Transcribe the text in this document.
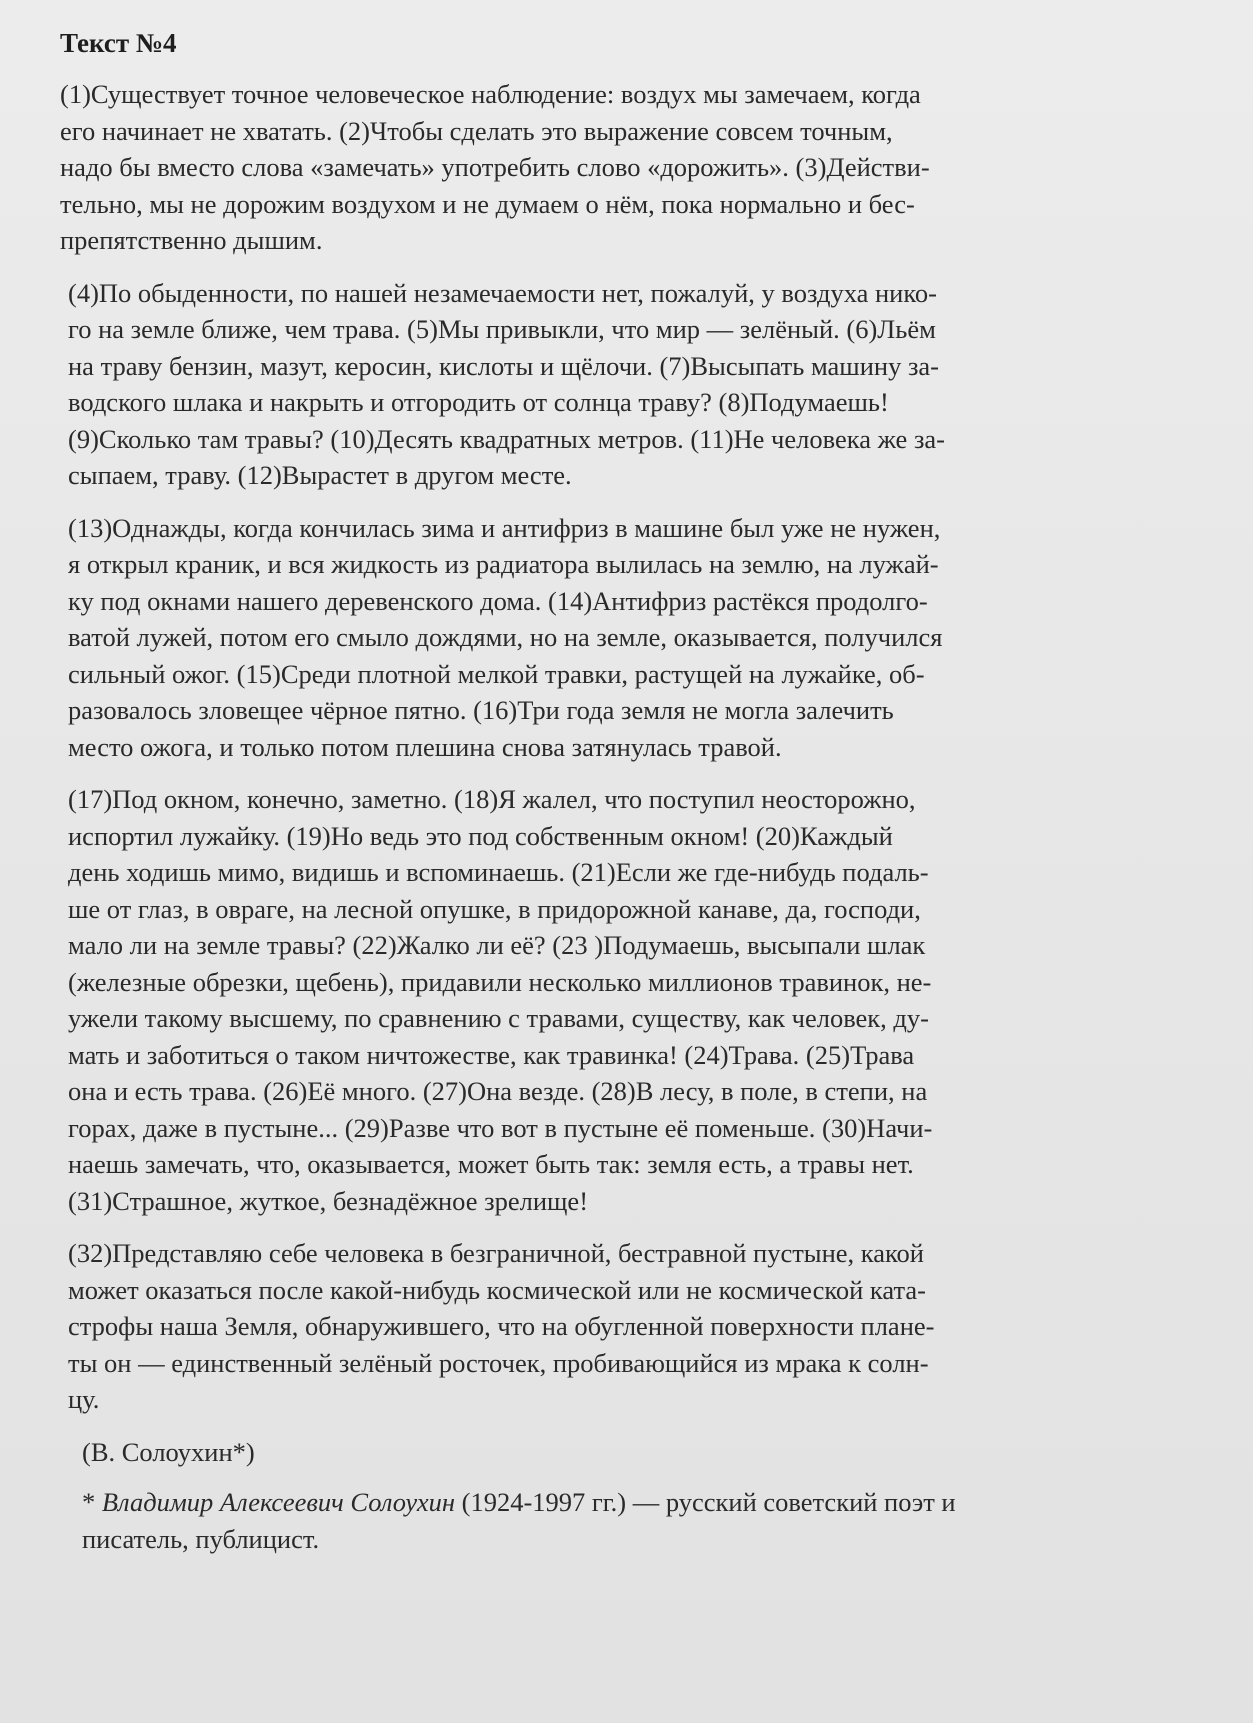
Текст №4
(1)Существует точное человеческое наблюдение: воздух мы замечаем, когда
его начинает не хватать. (2)Чтобы сделать это выражение совсем точным,
надо бы вместо слова «замечать» употребить слово «дорожить». (3)Действи-
тельно, мы не дорожим воздухом и не думаем о нём, пока нормально и бес-
препятственно дышим.
(4)По обыденности, по нашей незамечаемости нет, пожалуй, у воздуха нико-
го на земле ближе, чем трава. (5)Мы привыкли, что мир — зелёный. (6)Льём
на траву бензин, мазут, керосин, кислоты и щёлочи. (7)Высыпать машину за-
водского шлака и накрыть и отгородить от солнца траву? (8)Подумаешь!
(9)Сколько там травы? (10)Десять квадратных метров. (11)Не человека же за-
сыпаем, траву. (12)Вырастет в другом месте.
(13)Однажды, когда кончилась зима и антифриз в машине был уже не нужен,
я открыл краник, и вся жидкость из радиатора вылилась на землю, на лужай-
ку под окнами нашего деревенского дома. (14)Антифриз растёкся продолго-
ватой лужей, потом его смыло дождями, но на земле, оказывается, получился
сильный ожог. (15)Среди плотной мелкой травки, растущей на лужайке, об-
разовалось зловещее чёрное пятно. (16)Три года земля не могла залечить
место ожога, и только потом плешина снова затянулась травой.
(17)Под окном, конечно, заметно. (18)Я жалел, что поступил неосторожно,
испортил лужайку. (19)Но ведь это под собственным окном! (20)Каждый
день ходишь мимо, видишь и вспоминаешь. (21)Если же где-нибудь подаль-
ше от глаз, в овраге, на лесной опушке, в придорожной канаве, да, господи,
мало ли на земле травы? (22)Жалко ли её? (23 )Подумаешь, высыпали шлак
(железные обрезки, щебень), придавили несколько миллионов травинок, не-
ужели такому высшему, по сравнению с травами, существу, как человек, ду-
мать и заботиться о таком ничтожестве, как травинка! (24)Трава. (25)Трава
она и есть трава. (26)Её много. (27)Она везде. (28)В лесу, в поле, в степи, на
горах, даже в пустыне... (29)Разве что вот в пустыне её поменьше. (30)Начи-
наешь замечать, что, оказывается, может быть так: земля есть, а травы нет.
(31)Страшное, жуткое, безнадёжное зрелище!
(32)Представляю себе человека в безграничной, бестравной пустыне, какой
может оказаться после какой-нибудь космической или не космической ката-
строфы наша Земля, обнаружившего, что на обугленной поверхности плане-
ты он — единственный зелёный росточек, пробивающийся из мрака к солн-
цу.
(В. Солоухин*)
* Владимир Алексеевич Солоухин (1924-1997 гг.) — русский советский поэт и
писатель, публицист.
